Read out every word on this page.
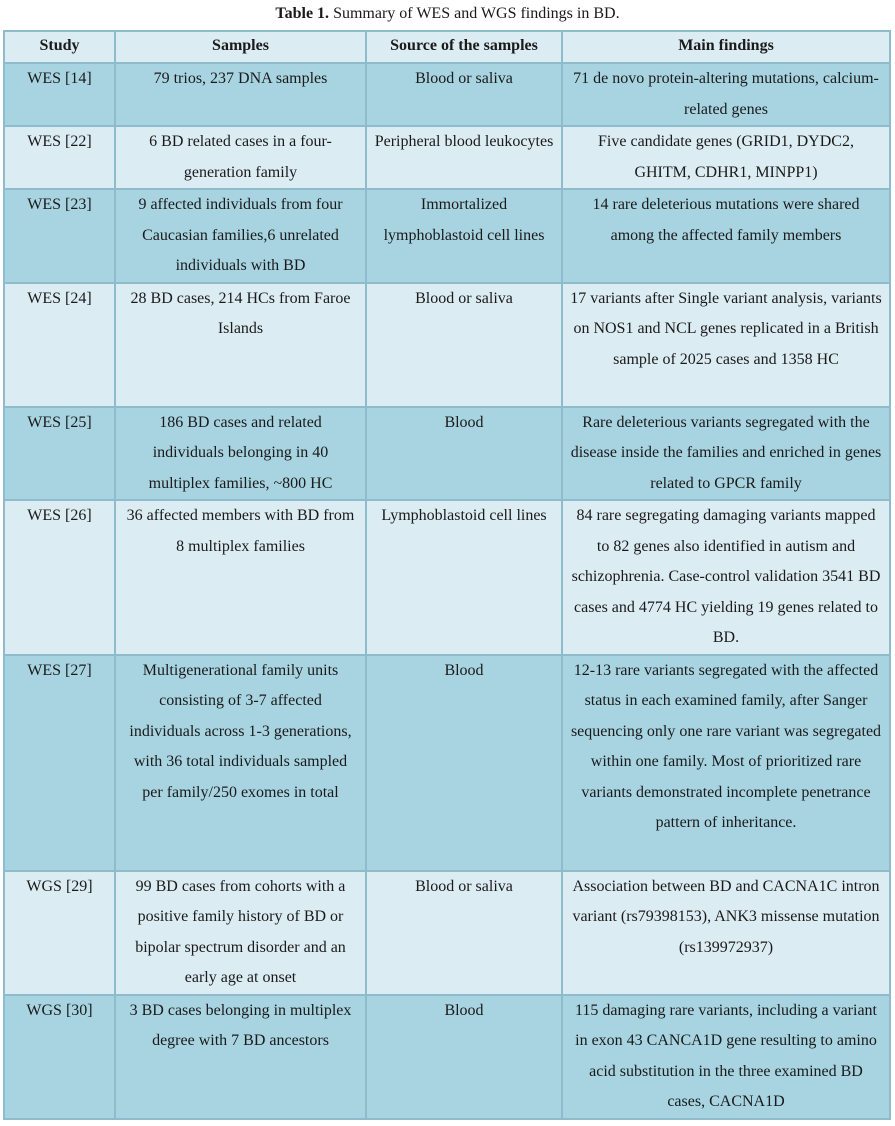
Table 1. Summary of WES and WGS findings in BD.
Study	Samples	Source of the samples	Main findings
WES [14]	79 trios, 237 DNA samples	Blood or saliva	71 de novo protein-altering mutations, calcium-related genes
WES [22]	6 BD related cases in a four-generation family	Peripheral blood leukocytes	Five candidate genes (GRID1, DYDC2, GHITM, CDHR1, MINPP1)
WES [23]	9 affected individuals from four Caucasian families,6 unrelated individuals with BD	Immortalized lymphoblastoid cell lines	14 rare deleterious mutations were shared among the affected family members
WES [24]	28 BD cases, 214 HCs from Faroe Islands	Blood or saliva	17 variants after Single variant analysis, variants on NOS1 and NCL genes replicated in a British sample of 2025 cases and 1358 HC
WES [25]	186 BD cases and related individuals belonging in 40 multiplex families, ~800 HC	Blood	Rare deleterious variants segregated with the disease inside the families and enriched in genes related to GPCR family
WES [26]	36 affected members with BD from 8 multiplex families	Lymphoblastoid cell lines	84 rare segregating damaging variants mapped to 82 genes also identified in autism and schizophrenia. Case-control validation 3541 BD cases and 4774 HC yielding 19 genes related to BD.
WES [27]	Multigenerational family units consisting of 3-7 affected individuals across 1-3 generations, with 36 total individuals sampled per family/250 exomes in total	Blood	12-13 rare variants segregated with the affected status in each examined family, after Sanger sequencing only one rare variant was segregated within one family. Most of prioritized rare variants demonstrated incomplete penetrance pattern of inheritance.
WGS [29]	99 BD cases from cohorts with a positive family history of BD or bipolar spectrum disorder and an early age at onset	Blood or saliva	Association between BD and CACNA1C intron variant (rs79398153), ANK3 missense mutation (rs139972937)
WGS [30]	3 BD cases belonging in multiplex degree with 7 BD ancestors	Blood	115 damaging rare variants, including a variant in exon 43 CANCA1D gene resulting to amino acid substitution in the three examined BD cases, CACNA1D
